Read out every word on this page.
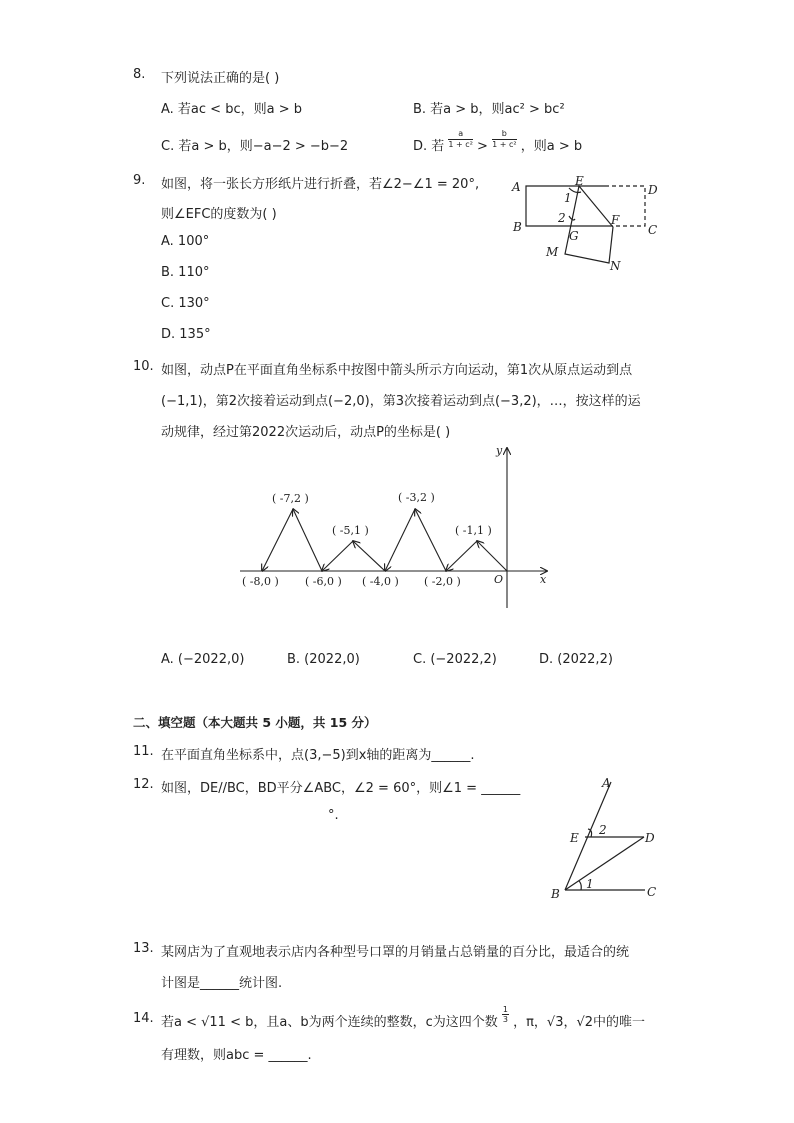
8. 下列说法正确的是( )
A. 若ac < bc，则a > b	B. 若a > b，则ac² > bc²
C. 若a > b，则−a−2 > −b−2	D. 若 $\frac{a}{\text{1 + c²}} > \frac{b}{\text{1 + c²}}$ ，则a > b
9. 如图，将一张长方形纸片进行折叠，若∠2−∠1 = 20°,
则∠EFC的度数为( )
A. 100°
B. 110°
C. 130°
D. 135°
A	E
D
B
G
F
C
M
N
1
2
10. 如图，动点P在平面直角坐标系中按图中箭头所示方向运动，第1次从原点运动到点
(−1,1)，第2次接着运动到点(−2,0)，第3次接着运动到点(−3,2)，…，按这样的运
动规律，经过第2022次运动后，动点P的坐标是( )
y
x
O
( -7,2 )	( -3,2 )
( -5,1 )	( -1,1 )
( -8,0 ) ( -6,0 ) ( -4,0 ) ( -2,0 )
A. (−2022,0)	B. (2022,0)	C. (−2022,2)	D. (2022,2)
二、填空题（本大题共 5 小题，共 15 分）
11. 在平面直角坐标系中，点(3,−5)到x轴的距离为______.
12. 如图，DE//BC，BD平分∠ABC，∠2 = 60°，则∠1 = ______
°.
A
E	D
B	C
2
1
13. 某网店为了直观地表示店内各种型号口罩的月销量占总销量的百分比，最适合的统
计图是______统计图.
14. 若a < √11 < b，且a、b为两个连续的整数，c为这四个数 $\frac{1}{3}$ ，π，√3，√2中的唯一
有理数，则abc = ______.
